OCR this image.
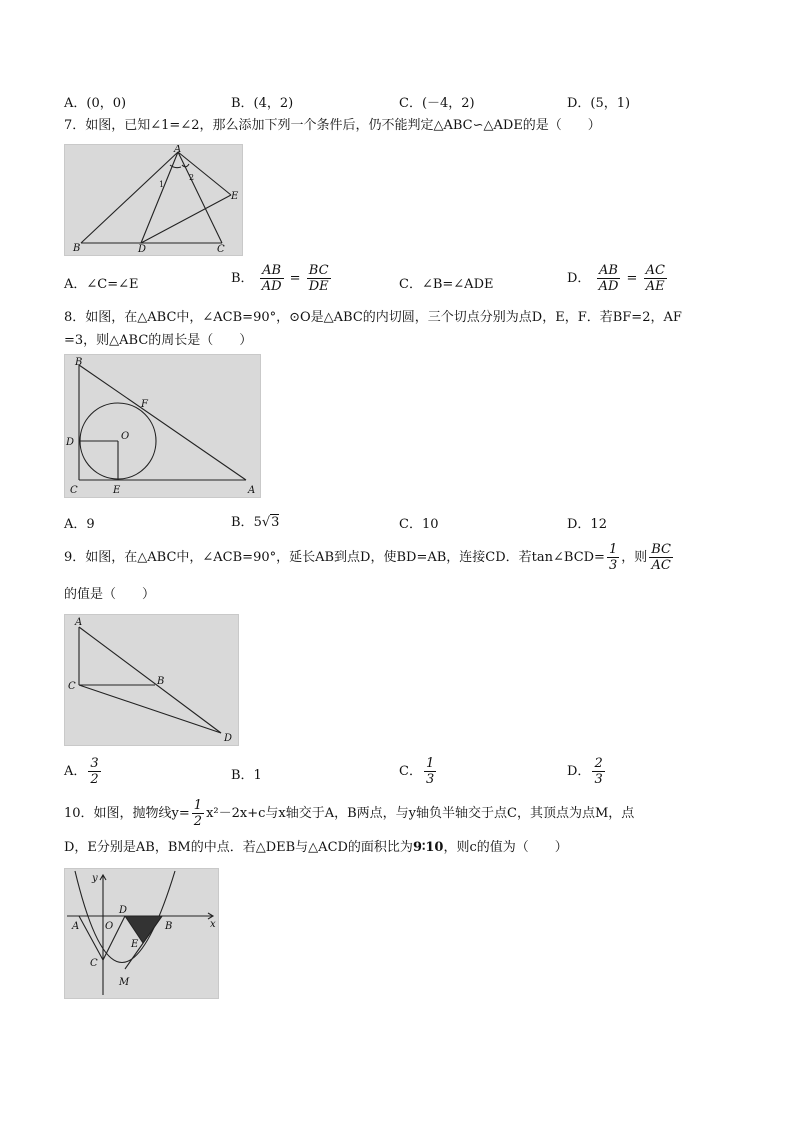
A．(0，0)	B．(4，2)	C．(－4，2)	D．(5，1)
7．如图，已知∠1=∠2，那么添加下列一个条件后，仍不能判定△ABC∽△ADE的是（　　）
A
B	C
D
E
1
2
A．∠C=∠E	B． $\frac{AB}{AD} = \frac{BC}{DE}$	C．∠B=∠ADE	D． $\frac{AB}{AD} = \frac{AC}{AE}$
8．如图，在△ABC中，∠ACB=90°，⊙O是△ABC的内切圆，三个切点分别为点D，E，F．若BF=2，AF
=3，则△ABC的周长是（　　）
B
C
D
E
F
O
A
A．9	B．5√3	C．10	D．12
9．如图，在△ABC中，∠ACB=90°，延长AB到点D，使BD=AB，连接CD．若tan∠BCD= $\frac{1}{3}$ ，则 $\frac{BC}{AC}$
的值是（　　）
A
C	B
D
A． $\frac{3}{2}$	B．1	C． $\frac{1}{3}$	D． $\frac{2}{3}$
10．如图，抛物线$y= \frac{1}{2} x^2-2x+c$与x轴交于A，B两点，与y轴负半轴交于点C，其顶点为点M，点
D，E分别是AB，BM的中点．若△DEB与△ACD的面积比为9∶10，则c的值为（　　）
y
x
D
O
A	B
E
C
M
